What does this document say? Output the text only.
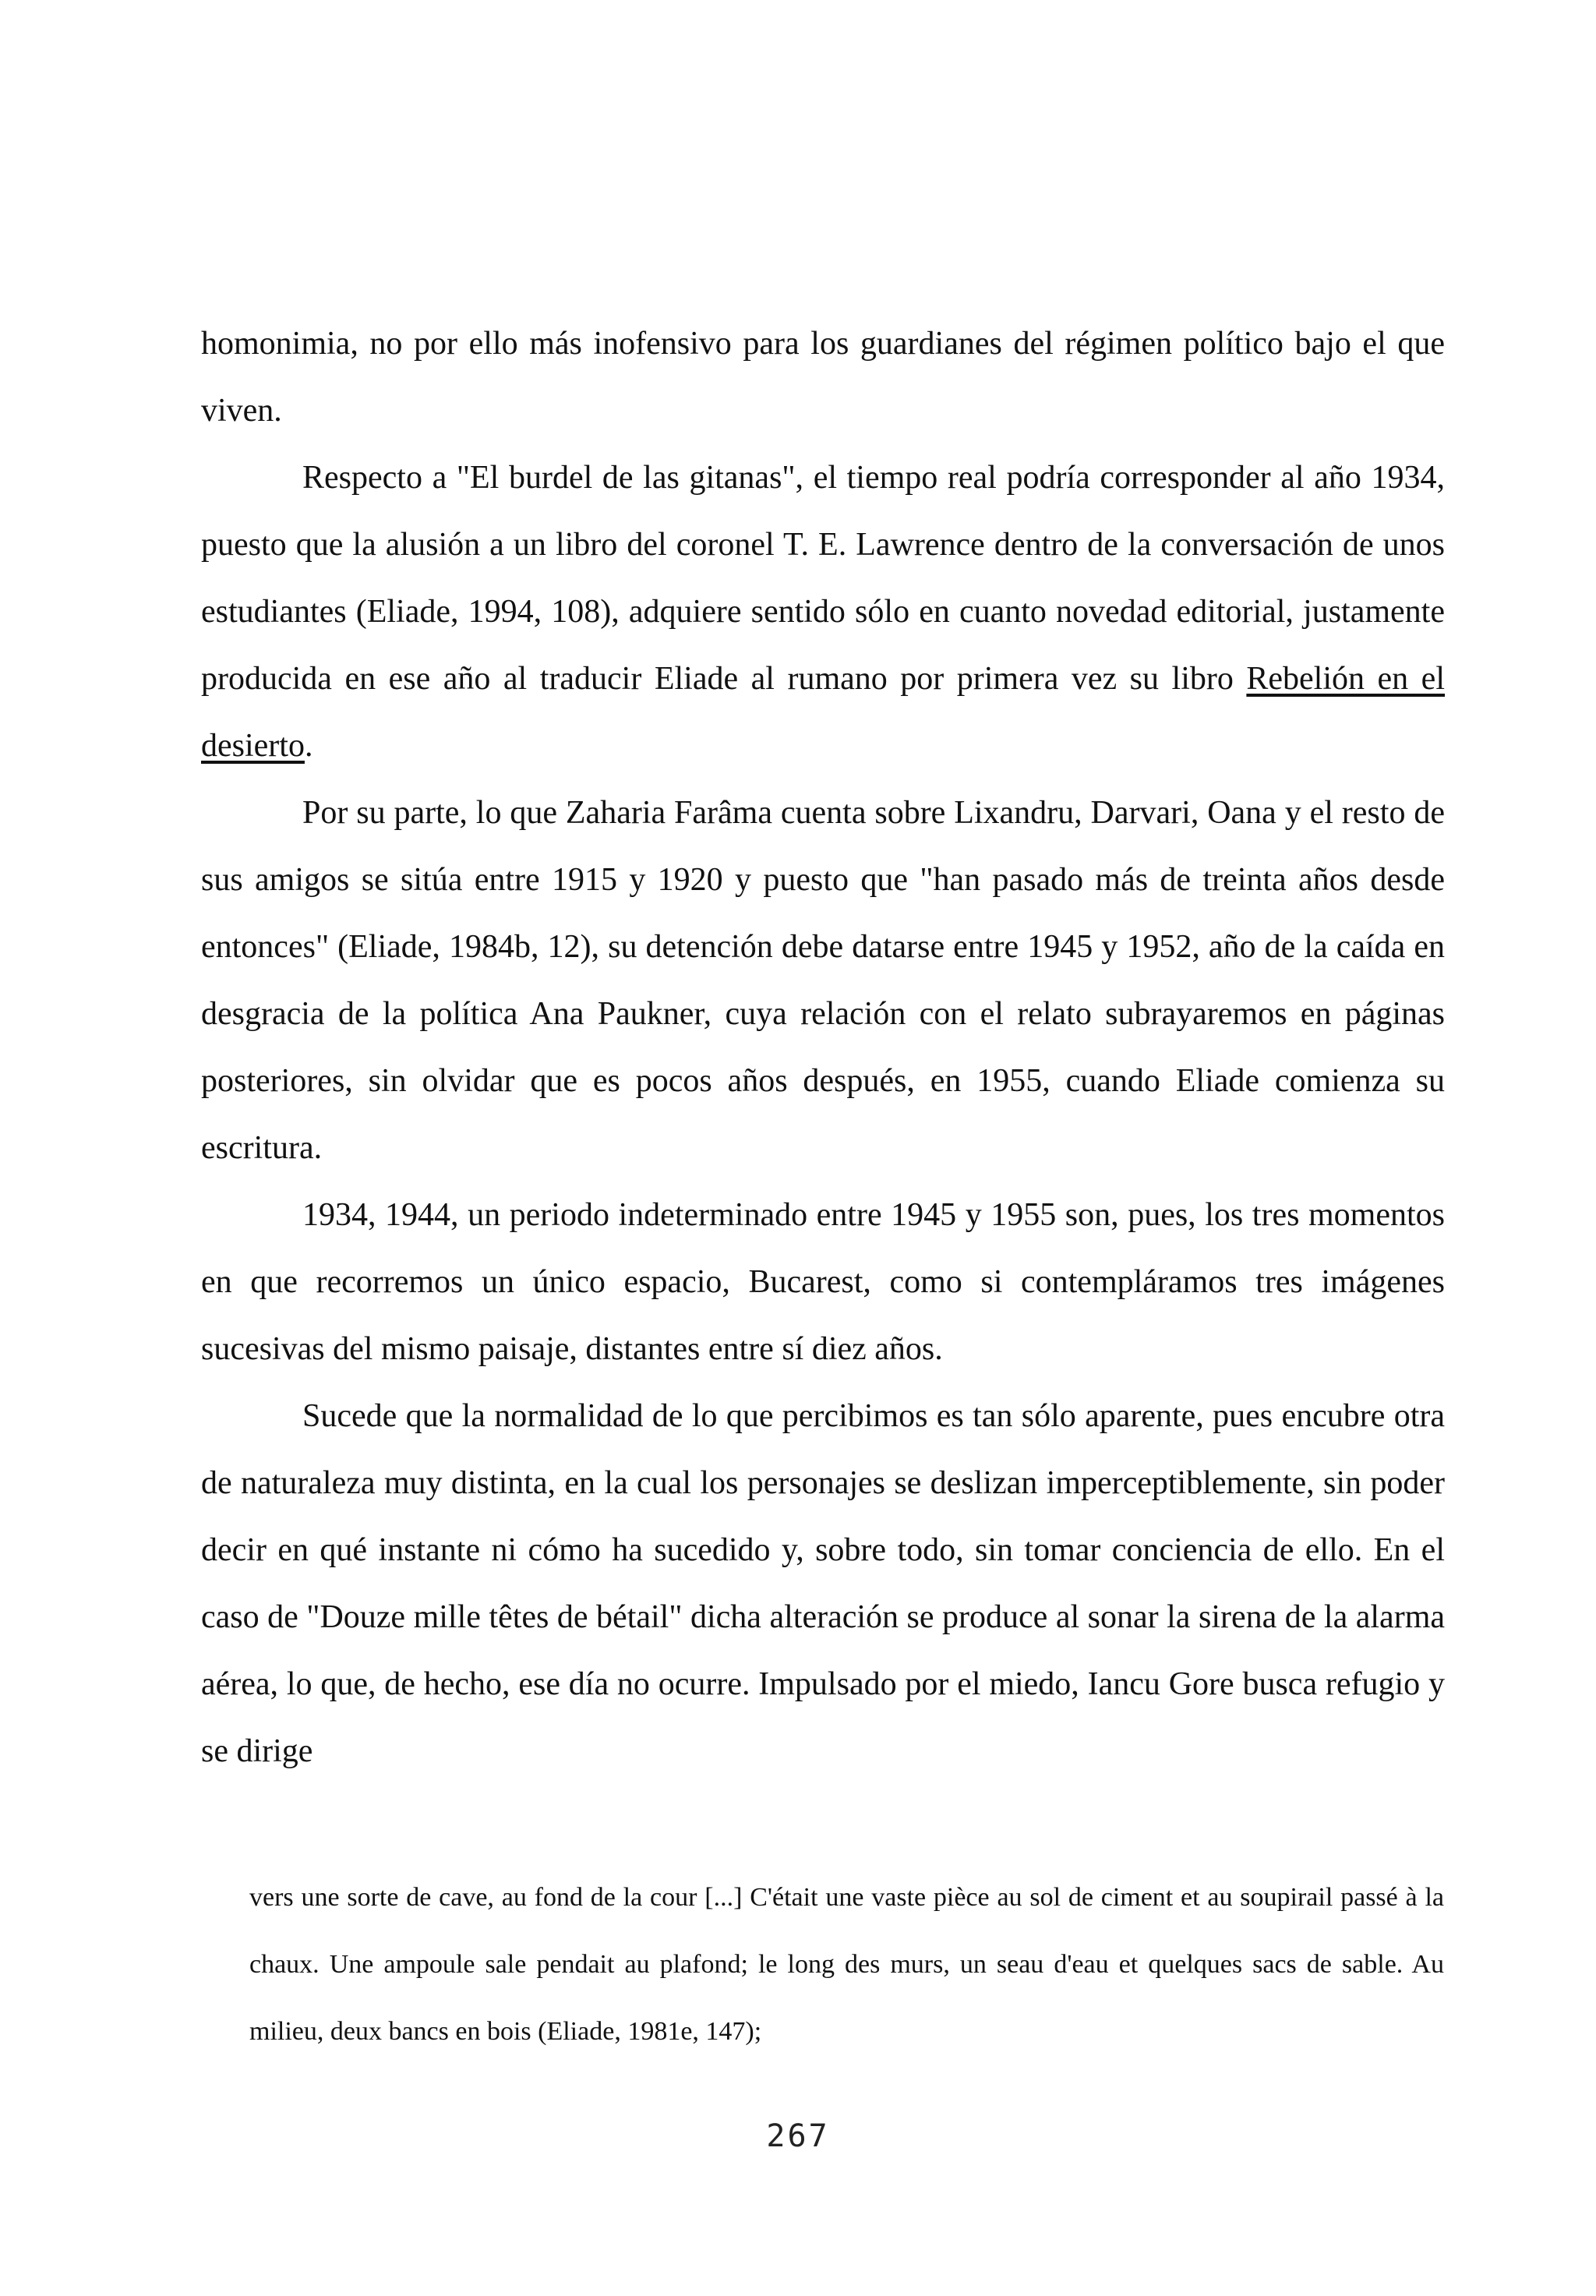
homonimia, no por ello más inofensivo para los guardianes del régimen político bajo el que viven.

Respecto a "El burdel de las gitanas", el tiempo real podría corresponder al año 1934, puesto que la alusión a un libro del coronel T. E. Lawrence dentro de la conversación de unos estudiantes (Eliade, 1994, 108), adquiere sentido sólo en cuanto novedad editorial, justamente producida en ese año al traducir Eliade al rumano por primera vez su libro Rebelión en el desierto.

Por su parte, lo que Zaharia Farâma cuenta sobre Lixandru, Darvari, Oana y el resto de sus amigos se sitúa entre 1915 y 1920 y puesto que "han pasado más de treinta años desde entonces" (Eliade, 1984b, 12), su detención debe datarse entre 1945 y 1952, año de la caída en desgracia de la política Ana Paukner, cuya relación con el relato subrayaremos en páginas posteriores, sin olvidar que es pocos años después, en 1955, cuando Eliade comienza su escritura.

1934, 1944, un periodo indeterminado entre 1945 y 1955 son, pues, los tres momentos en que recorremos un único espacio, Bucarest, como si contempláramos tres imágenes sucesivas del mismo paisaje, distantes entre sí diez años.

Sucede que la normalidad de lo que percibimos es tan sólo aparente, pues encubre otra de naturaleza muy distinta, en la cual los personajes se deslizan imperceptiblemente, sin poder decir en qué instante ni cómo ha sucedido y, sobre todo, sin tomar conciencia de ello. En el caso de "Douze mille têtes de bétail" dicha alteración se produce al sonar la sirena de la alarma aérea, lo que, de hecho, ese día no ocurre. Impulsado por el miedo, Iancu Gore busca refugio y se dirige

vers une sorte de cave, au fond de la cour [...] C'était une vaste pièce au sol de ciment et au soupirail passé à la chaux. Une ampoule sale pendait au plafond; le long des murs, un seau d'eau et quelques sacs de sable. Au milieu, deux bancs en bois (Eliade, 1981e, 147);

267
